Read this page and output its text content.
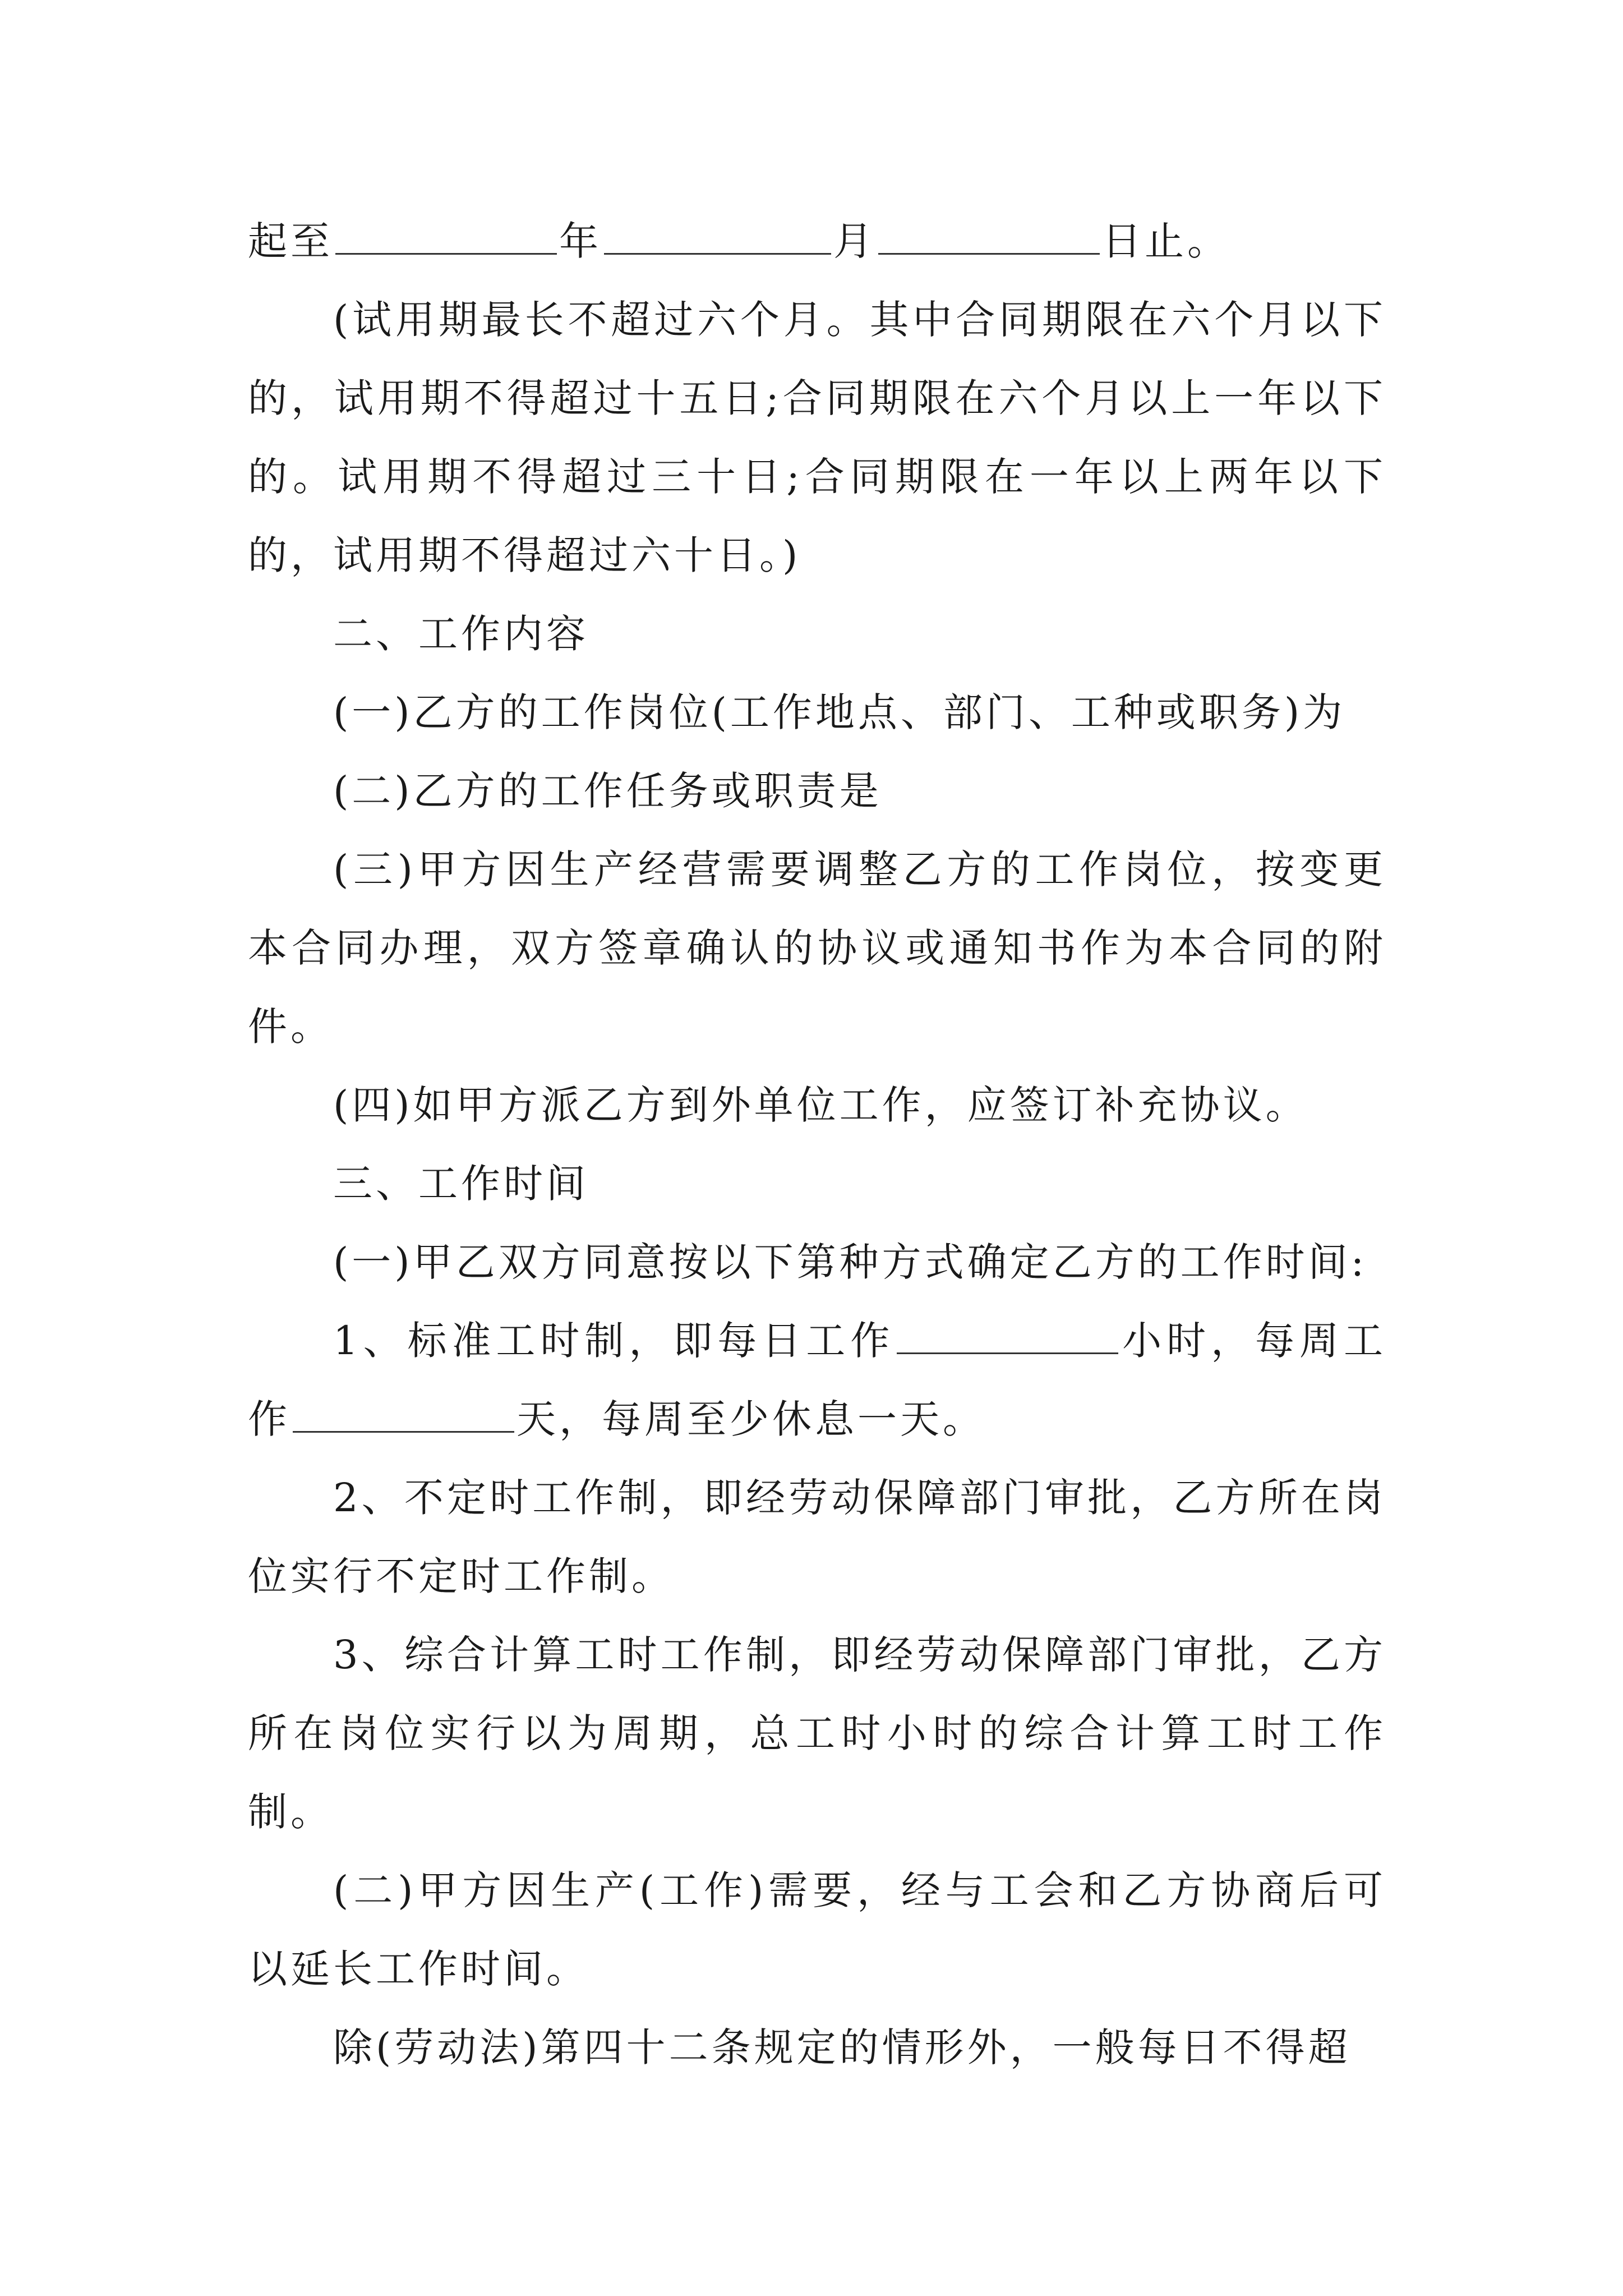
起至	年	月	日止。

(试用期最长不超过六个月。其中合同期限在六个月以下的，试用期不得超过十五日;合同期限在六个月以上一年以下的。试用期不得超过三十日;合同期限在一年以上两年以下的，试用期不得超过六十日。)

二、工作内容

(一)乙方的工作岗位(工作地点、部门、工种或职务)为

(二)乙方的工作任务或职责是

(三)甲方因生产经营需要调整乙方的工作岗位，按变更本合同办理，双方签章确认的协议或通知书作为本合同的附件。

(四)如甲方派乙方到外单位工作，应签订补充协议。

三、工作时间

(一)甲乙双方同意按以下第种方式确定乙方的工作时间:

1、标准工时制，即每日工作	小时，每周工作	天，每周至少休息一天。

2、不定时工作制，即经劳动保障部门审批，乙方所在岗位实行不定时工作制。

3、综合计算工时工作制，即经劳动保障部门审批，乙方所在岗位实行以为周期，总工时小时的综合计算工时工作制。

(二)甲方因生产(工作)需要，经与工会和乙方协商后可以延长工作时间。

除(劳动法)第四十二条规定的情形外，一般每日不得超
